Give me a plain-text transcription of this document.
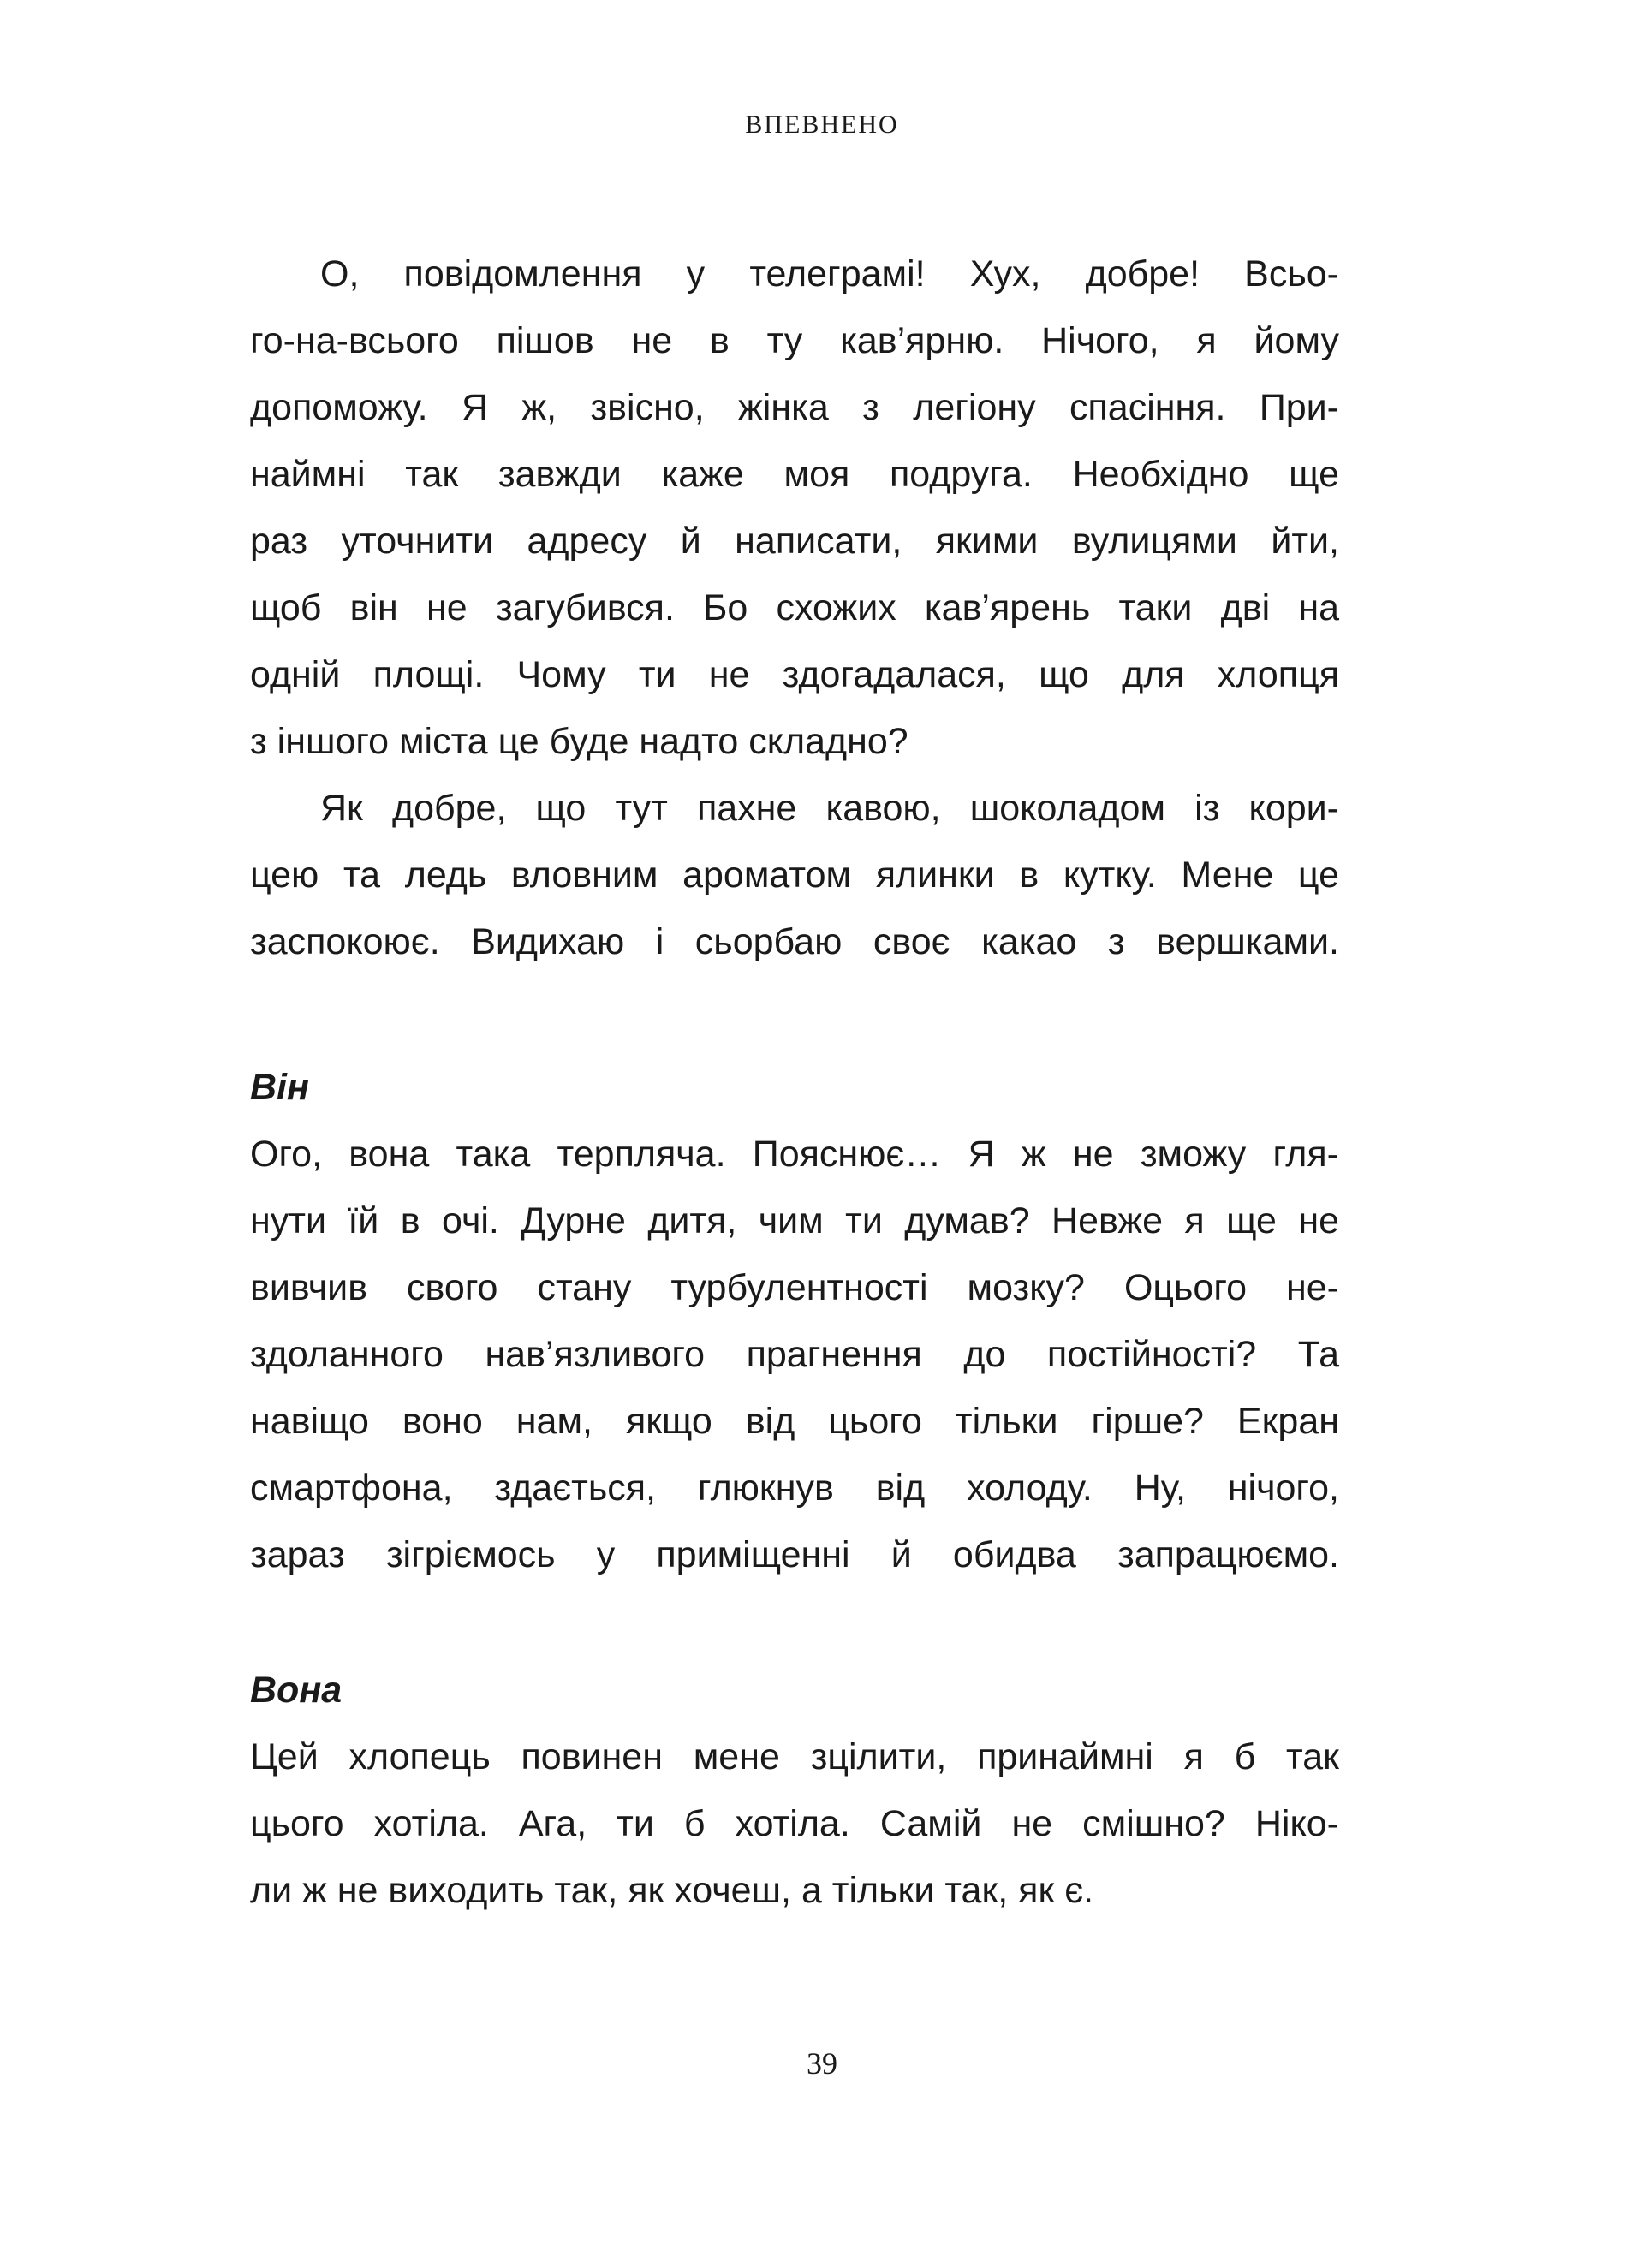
ВПЕВНЕНО
О, повідомлення у телеграмі! Хух, добре! Всьо-
го-на-всього пішов не в ту кав’ярню. Нічого, я йому
допоможу. Я ж, звісно, жінка з легіону спасіння. При-
наймні так завжди каже моя подруга. Необхідно ще
раз уточнити адресу й написати, якими вулицями йти,
щоб він не загубився. Бо схожих кав’ярень таки дві на
одній площі. Чому ти не здогадалася, що для хлопця
з іншого міста це буде надто складно?
Як добре, що тут пахне кавою, шоколадом із кори-
цею та ледь вловним ароматом ялинки в кутку. Мене це
заспокоює. Видихаю і сьорбаю своє какао з вершками.
Він
Ого, вона така терпляча. Пояснює… Я ж не зможу гля-
нути їй в очі. Дурне дитя, чим ти думав? Невже я ще не
вивчив свого стану турбулентності мозку? Оцього не-
здоланного нав’язливого прагнення до постійності? Та
навіщо воно нам, якщо від цього тільки гірше? Екран
смартфона, здається, глюкнув від холоду. Ну, нічого,
зараз зігріємось у приміщенні й обидва запрацюємо.
Вона
Цей хлопець повинен мене зцілити, принаймні я б так
цього хотіла. Ага, ти б хотіла. Самій не смішно? Ніко-
ли ж не виходить так, як хочеш, а тільки так, як є.
39
